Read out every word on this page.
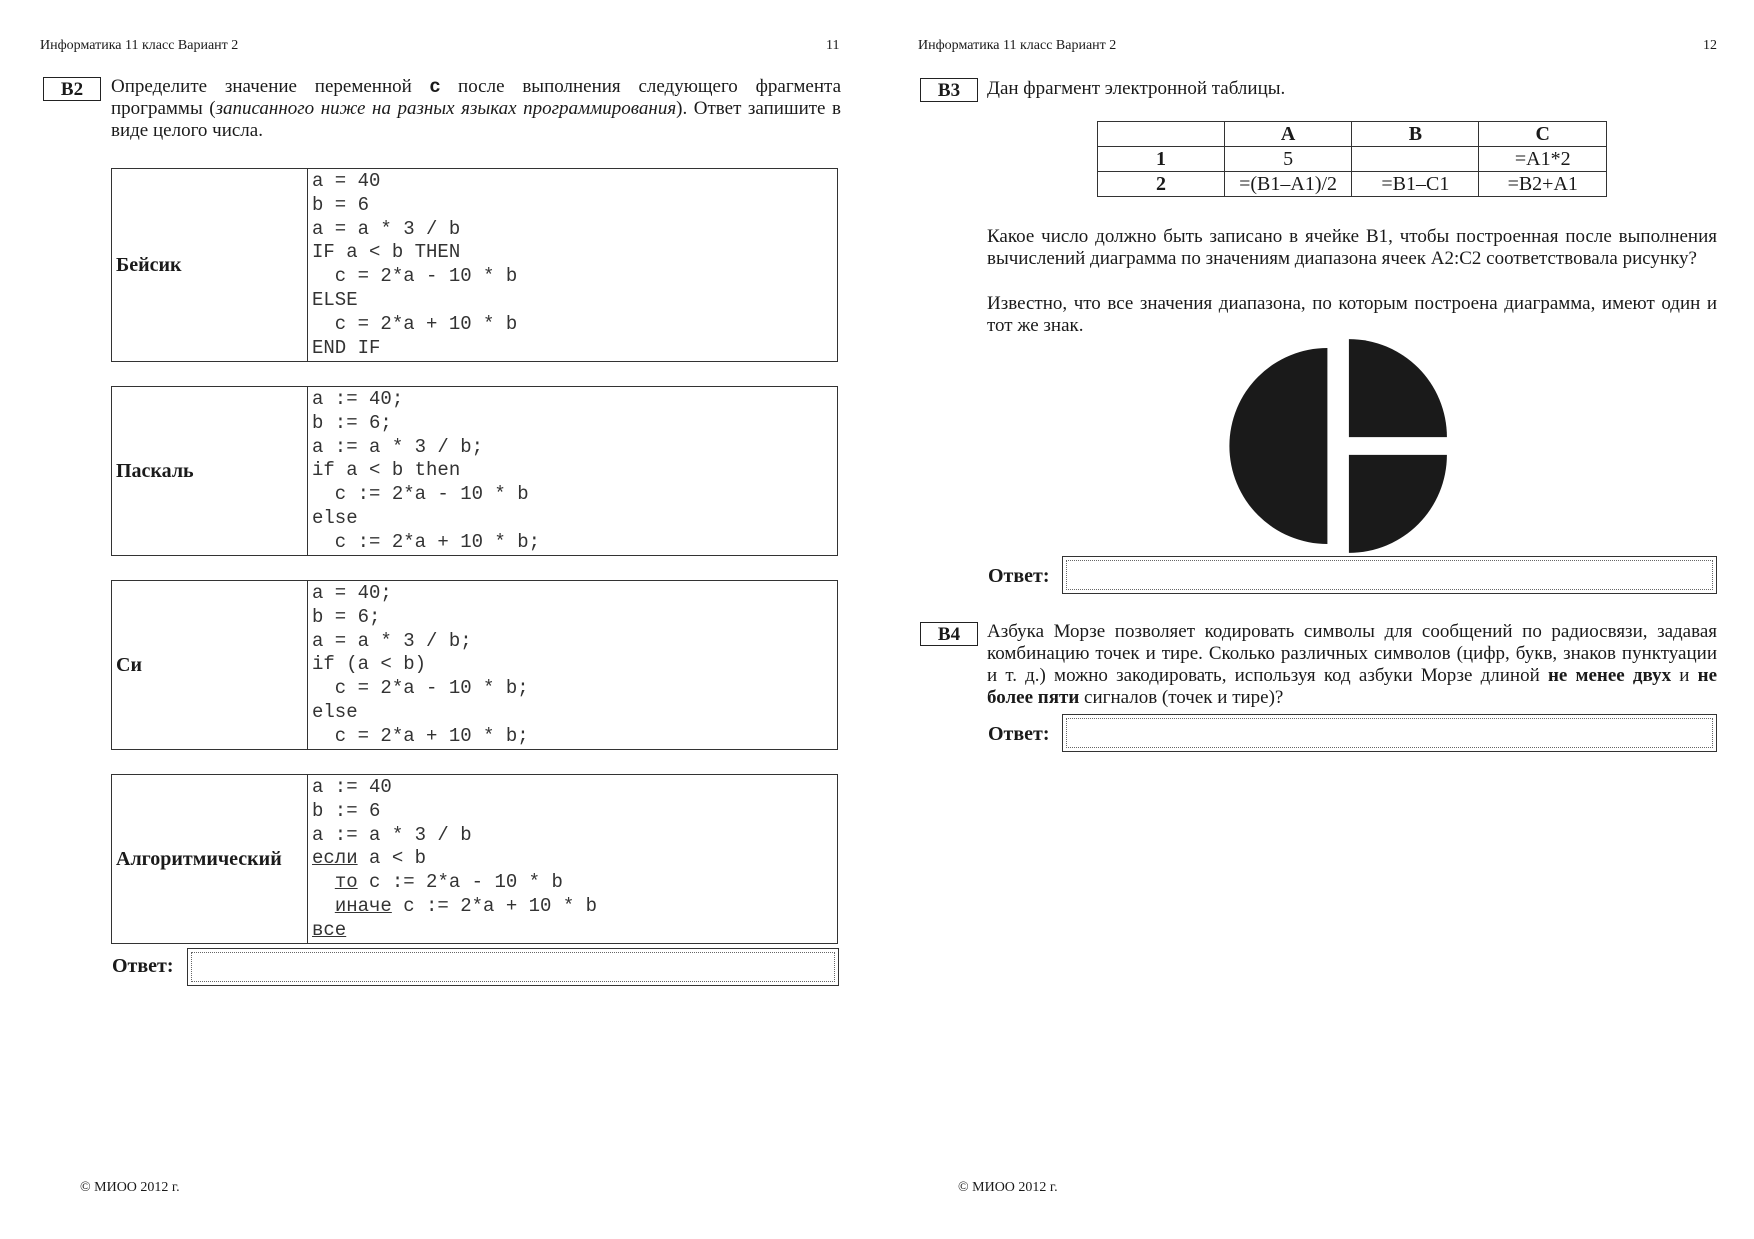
Информатика 11 класс Вариант 2	11
В2	Определите значение переменной c после выполнения следующего фрагмента программы (записанного ниже на разных языках программирования). Ответ запишите в виде целого числа.
Бейсик
a = 40
b = 6
a = a * 3 / b
IF a < b THEN
c = 2*a - 10 * b
ELSE
c = 2*a + 10 * b
END IF
Паскаль
a := 40;
b := 6;
a := a * 3 / b;
if a < b then
c := 2*a - 10 * b
else
c := 2*a + 10 * b;
Си
a = 40;
b = 6;
a = a * 3 / b;
if (a < b)
c = 2*a - 10 * b;
else
c = 2*a + 10 * b;
Алгоритмический
a := 40
b := 6
a := a * 3 / b
если a < b
то c := 2*a - 10 * b
иначе c := 2*a + 10 * b
все
Ответ:
© МИОО 2012 г.
Информатика 11 класс Вариант 2	12
В3	Дан фрагмент электронной таблицы.
	A	B	C
1	5		=A1*2
2	=(B1–A1)/2	=B1–C1	=B2+A1
Какое число должно быть записано в ячейке B1, чтобы построенная после выполнения вычислений диаграмма по значениям диапазона ячеек A2:C2 соответствовала рисунку?
Известно, что все значения диапазона, по которым построена диаграмма, имеют один и тот же знак.
Ответ:
В4	Азбука Морзе позволяет кодировать символы для сообщений по радиосвязи, задавая комбинацию точек и тире. Сколько различных символов (цифр, букв, знаков пунктуации и т. д.) можно закодировать, используя код азбуки Морзе длиной не менее двух и не более пяти сигналов (точек и тире)?
Ответ:
© МИОО 2012 г.
